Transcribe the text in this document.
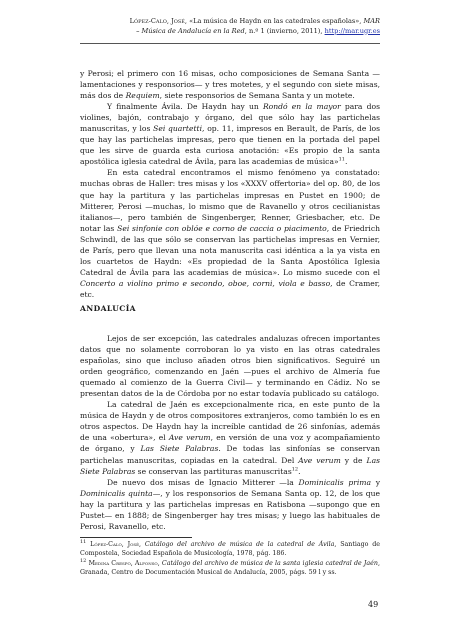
López-Calo, José, «La música de Haydn en las catedrales españolas», MAR – Música de Andalucía en la Red, n.º 1 (invierno, 2011), http://mar.ugr.es

y Perosi; el primero con 16 misas, ocho composiciones de Semana Santa —lamentaciones y responsorios— y tres motetes, y el segundo con siete misas, más dos de Requiem, siete responsorios de Semana Santa y un motete.

Y finalmente Ávila. De Haydn hay un Rondó en la mayor para dos violines, bajón, contrabajo y órgano, del que sólo hay las partichelas manuscritas, y los Sei quartetti, op. 11, impresos en Berault, de París, de los que hay las partichelas impresas, pero que tienen en la portada del papel que les sirve de guarda esta curiosa anotación: «Es propio de la santa apostólica iglesia catedral de Ávila, para las academias de música»$^{11}$.

En esta catedral encontramos el mismo fenómeno ya constatado: muchas obras de Haller: tres misas y los «XXXV offertoria» del op. 80, de los que hay la partitura y las partichelas impresas en Pustet en 1900; de Mitterer, Perosi —muchas, lo mismo que de Ravanello y otros cecilianistas italianos—, pero también de Singenberger, Renner, Griesbacher, etc. De notar las Sei sinfonie con oblóe e corno de caccia o piacimento, de Friedrich Schwindl, de las que sólo se conservan las partichelas impresas en Vernier, de París, pero que llevan una nota manuscrita casi idéntica a la ya vista en los cuartetos de Haydn: «Es propiedad de la Santa Apostólica Iglesia Catedral de Ávila para las academias de música». Lo mismo sucede con el Concerto a violino primo e secondo, oboe, corni, viola e basso, de Cramer, etc.

ANDALUCÍA

Lejos de ser excepción, las catedrales andaluzas ofrecen importantes datos que no solamente corroboran lo ya visto en las otras catedrales españolas, sino que incluso añaden otros bien significativos. Seguiré un orden geográfico, comenzando en Jaén —pues el archivo de Almería fue quemado al comienzo de la Guerra Civil— y terminando en Cádiz. No se presentan datos de la de Córdoba por no estar todavía publicado su catálogo.

La catedral de Jaén es excepcionalmente rica, en este punto de la música de Haydn y de otros compositores extranjeros, como también lo es en otros aspectos. De Haydn hay la increíble cantidad de 26 sinfonías, además de una «obertura», el Ave verum, en versión de una voz y acompañamiento de órgano, y Las Siete Palabras. De todas las sinfonías se conservan partichelas manuscritas, copiadas en la catedral. Del Ave verum y de Las Siete Palabras se conservan las partituras manuscritas$^{12}$.

De nuevo dos misas de Ignacio Mitterer —la Dominicalis prima y Dominicalis quinta—, y los responsorios de Semana Santa op. 12, de los que hay la partitura y las partichelas impresas en Ratisbona —supongo que en Pustet— en 1888; de Singenberger hay tres misas; y luego las habituales de Perosi, Ravanello, etc.

$^{11}$ López-Calo, José, Catálogo del archivo de música de la catedral de Ávila, Santiago de Compostela, Sociedad Española de Musicología, 1978, pág. 186.

$^{12}$ Medina Crespo, Alfonso, Catálogo del archivo de música de la santa iglesia catedral de Jaén, Granada, Centro de Documentación Musical de Andalucía, 2005, págs. 59 l y ss.

49
